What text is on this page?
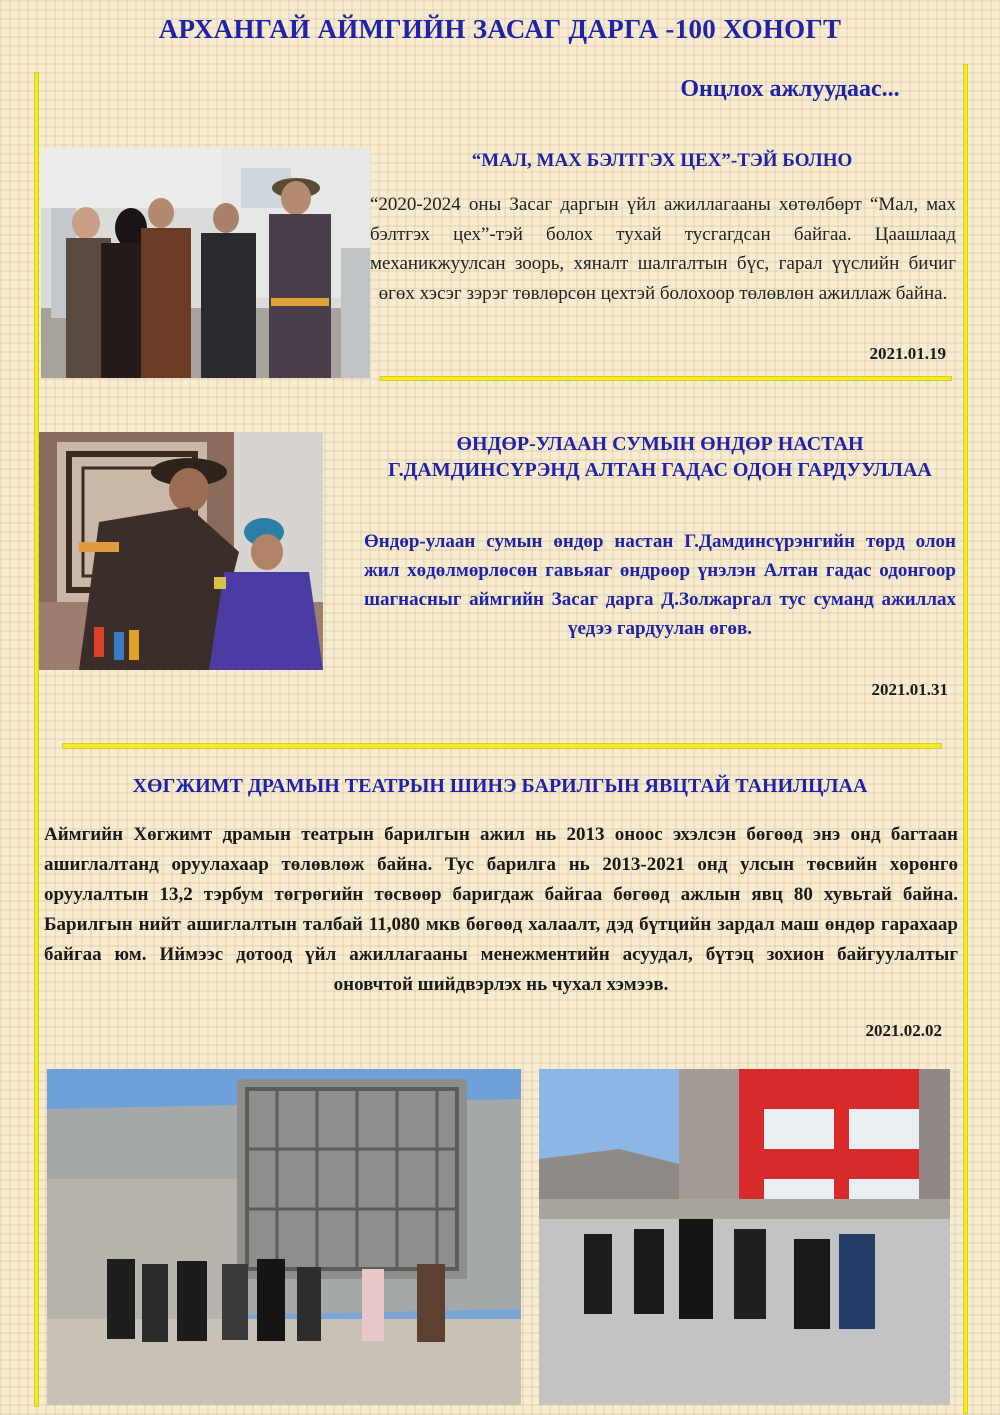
АРХАНГАЙ АЙМГИЙН ЗАСАГ ДАРГА -100 ХОНОГТ
Онцлох ажлуудаас...
“МАЛ, МАХ БЭЛТГЭХ ЦЕХ”-ТЭЙ БОЛНО
“2020-2024 оны Засаг даргын үйл ажиллагааны хөтөлбөрт “Мал, мах бэлтгэх цех”-тэй болох тухай тусгагдсан байгаа. Цаашлаад механикжуулсан зоорь, хяналт шалгалтын бүс, гарал үүслийн бичиг өгөх хэсэг зэрэг төвлөрсөн цехтэй болохоор төлөвлөн ажиллаж байна.
2021.01.19
ӨНДӨР-УЛААН СУМЫН ӨНДӨР НАСТАН Г.ДАМДИНСҮРЭНД АЛТАН ГАДАС ОДОН ГАРДУУЛЛАА
Өндөр-улаан сумын өндөр настан Г.Дамдинсүрэнгийн төрд олон жил хөдөлмөрлөсөн гавьяаг өндрөөр үнэлэн Алтан гадас одонгоор шагнасныг аймгийн Засаг дарга Д.Золжаргал тус суманд ажиллах үедээ гардуулан өгөв.
2021.01.31
ХӨГЖИМТ ДРАМЫН ТЕАТРЫН ШИНЭ БАРИЛГЫН ЯВЦТАЙ ТАНИЛЦЛАА
Аймгийн Хөгжимт драмын театрын барилгын ажил нь 2013 оноос эхэлсэн бөгөөд энэ онд багтаан ашиглалтанд оруулахаар төлөвлөж байна. Тус барилга нь 2013-2021 онд улсын төсвийн хөрөнгө оруулалтын 13,2 тэрбум төгрөгийн төсвөөр баригдаж байгаа бөгөөд ажлын явц 80 хувьтай байна. Барилгын нийт ашиглалтын талбай 11,080 мкв бөгөөд халаалт, дэд бүтцийн зардал маш өндөр гарахаар байгаа юм. Иймээс дотоод үйл ажиллагааны менежментийн асуудал, бүтэц зохион байгуулалтыг оновчтой шийдвэрлэх нь чухал хэмээв.
2021.02.02
